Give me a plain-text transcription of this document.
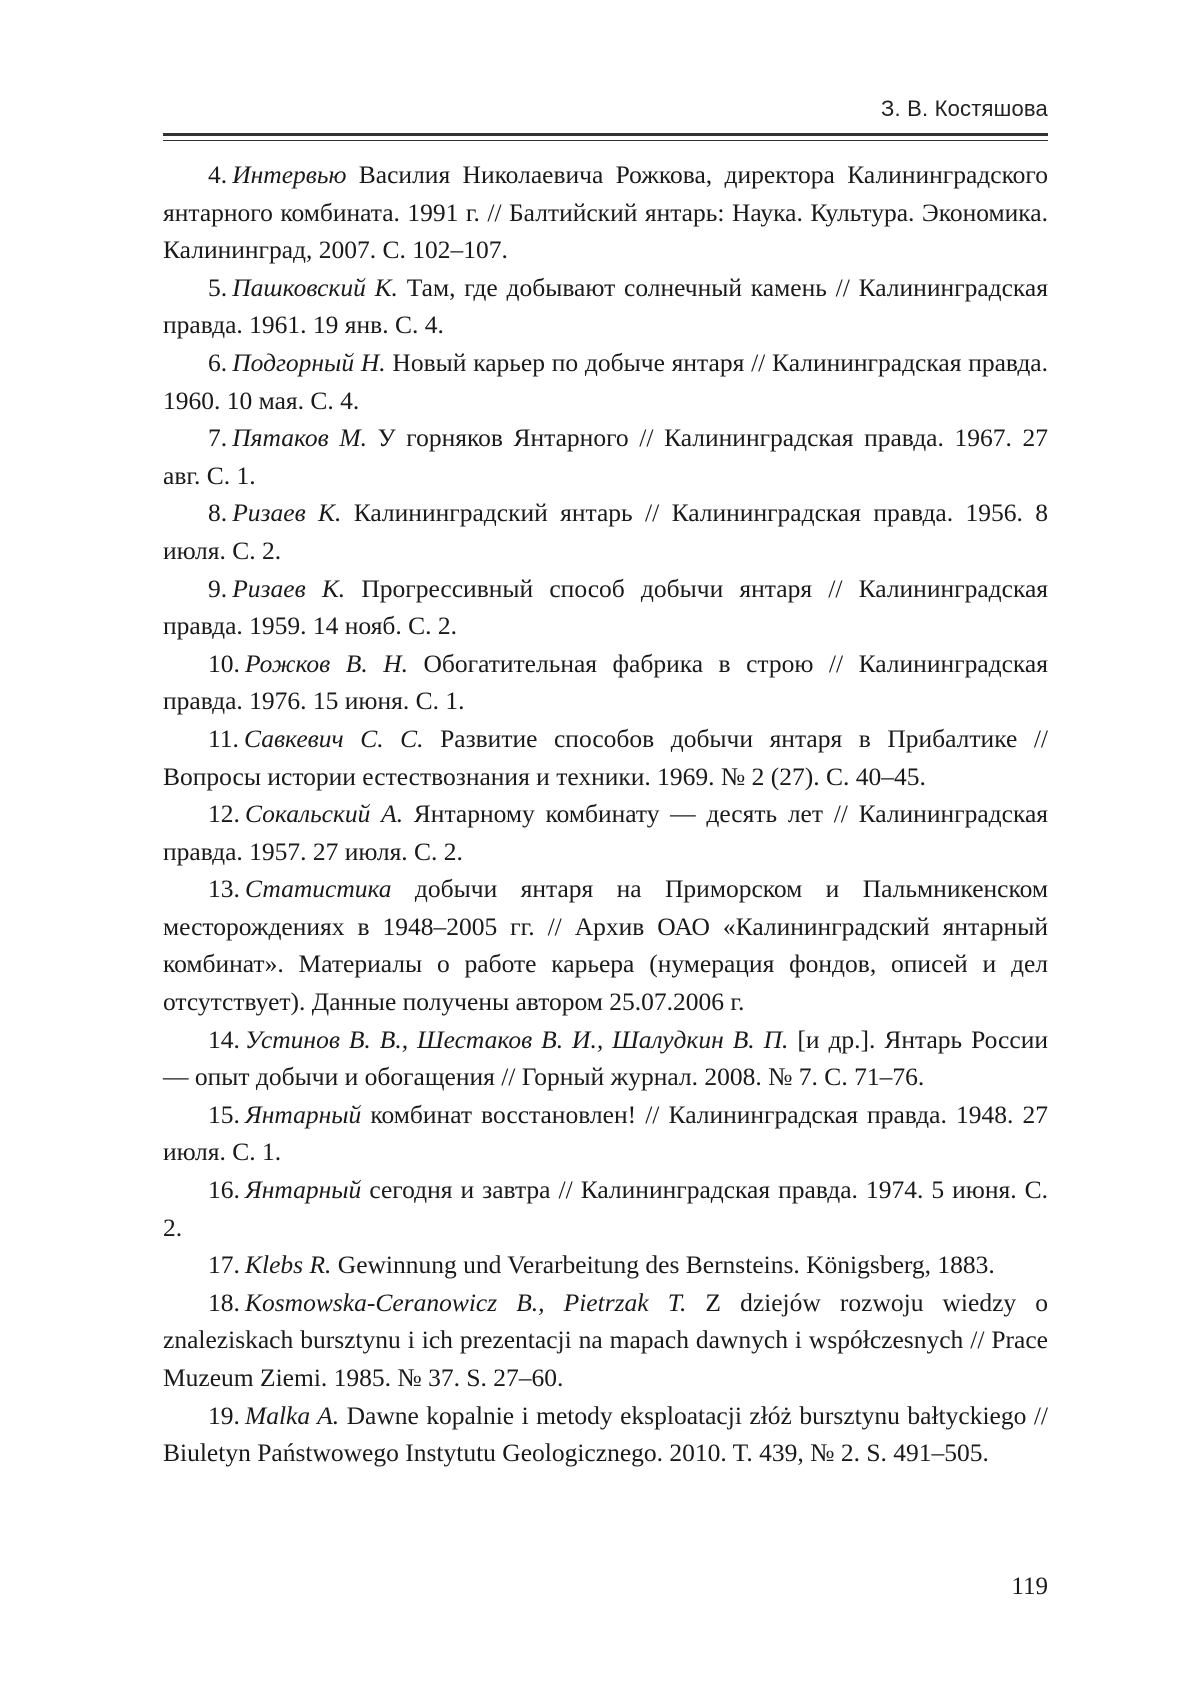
З. В. Костяшова
4.  Интервью Василия Николаевича Рожкова, директора Калининградского янтарного комбината. 1991 г. // Балтийский янтарь: Наука. Культура. Экономика. Калининград, 2007. С. 102–107.
5.  Пашковский К. Там, где добывают солнечный камень // Калининградская правда. 1961. 19 янв. С. 4.
6.  Подгорный Н. Новый карьер по добыче янтаря // Калининградская правда. 1960. 10 мая. С. 4.
7.  Пятаков М. У горняков Янтарного // Калининградская правда. 1967. 27 авг. С. 1.
8.  Ризаев К. Калининградский янтарь // Калининградская правда. 1956. 8 июля. С. 2.
9.  Ризаев К. Прогрессивный способ добычи янтаря // Калининградская правда. 1959. 14 нояб. С. 2.
10.  Рожков В. Н. Обогатительная фабрика в строю // Калининградская правда. 1976. 15 июня. С. 1.
11.  Савкевич С. С. Развитие способов добычи янтаря в Прибалтике // Вопросы истории естествознания и техники. 1969. № 2 (27). С. 40–45.
12.  Сокальский А. Янтарному комбинату — десять лет // Калининградская правда. 1957. 27 июля. С. 2.
13.  Статистика добычи янтаря на Приморском и Пальмникенском месторождениях в 1948–2005 гг. // Архив ОАО «Калининградский янтарный комбинат». Материалы о работе карьера (нумерация фондов, описей и дел отсутствует). Данные получены автором 25.07.2006 г.
14.  Устинов В. В., Шестаков В. И., Шалудкин В. П. [и др.]. Янтарь России — опыт добычи и обогащения // Горный журнал. 2008. № 7. С. 71–76.
15.  Янтарный комбинат восстановлен! // Калининградская правда. 1948. 27 июля. С. 1.
16.  Янтарный сегодня и завтра // Калининградская правда. 1974. 5 июня. С. 2.
17.  Klebs R. Gewinnung und Verarbeitung des Bernsteins. Königsberg, 1883.
18.  Kosmowska-Ceranowicz B., Pietrzak T. Z dziejów rozwoju wiedzy o znaleziskach bursztynu i ich prezentacji na mapach dawnych i współczesnych // Prace Muzeum Ziemi. 1985. № 37. S. 27–60.
19.  Malka A. Dawne kopalnie i metody eksploatacji złóż bursztynu bałtyckiego // Biuletyn Państwowego Instytutu Geologicznego. 2010. T. 439, № 2. S. 491–505.
119
